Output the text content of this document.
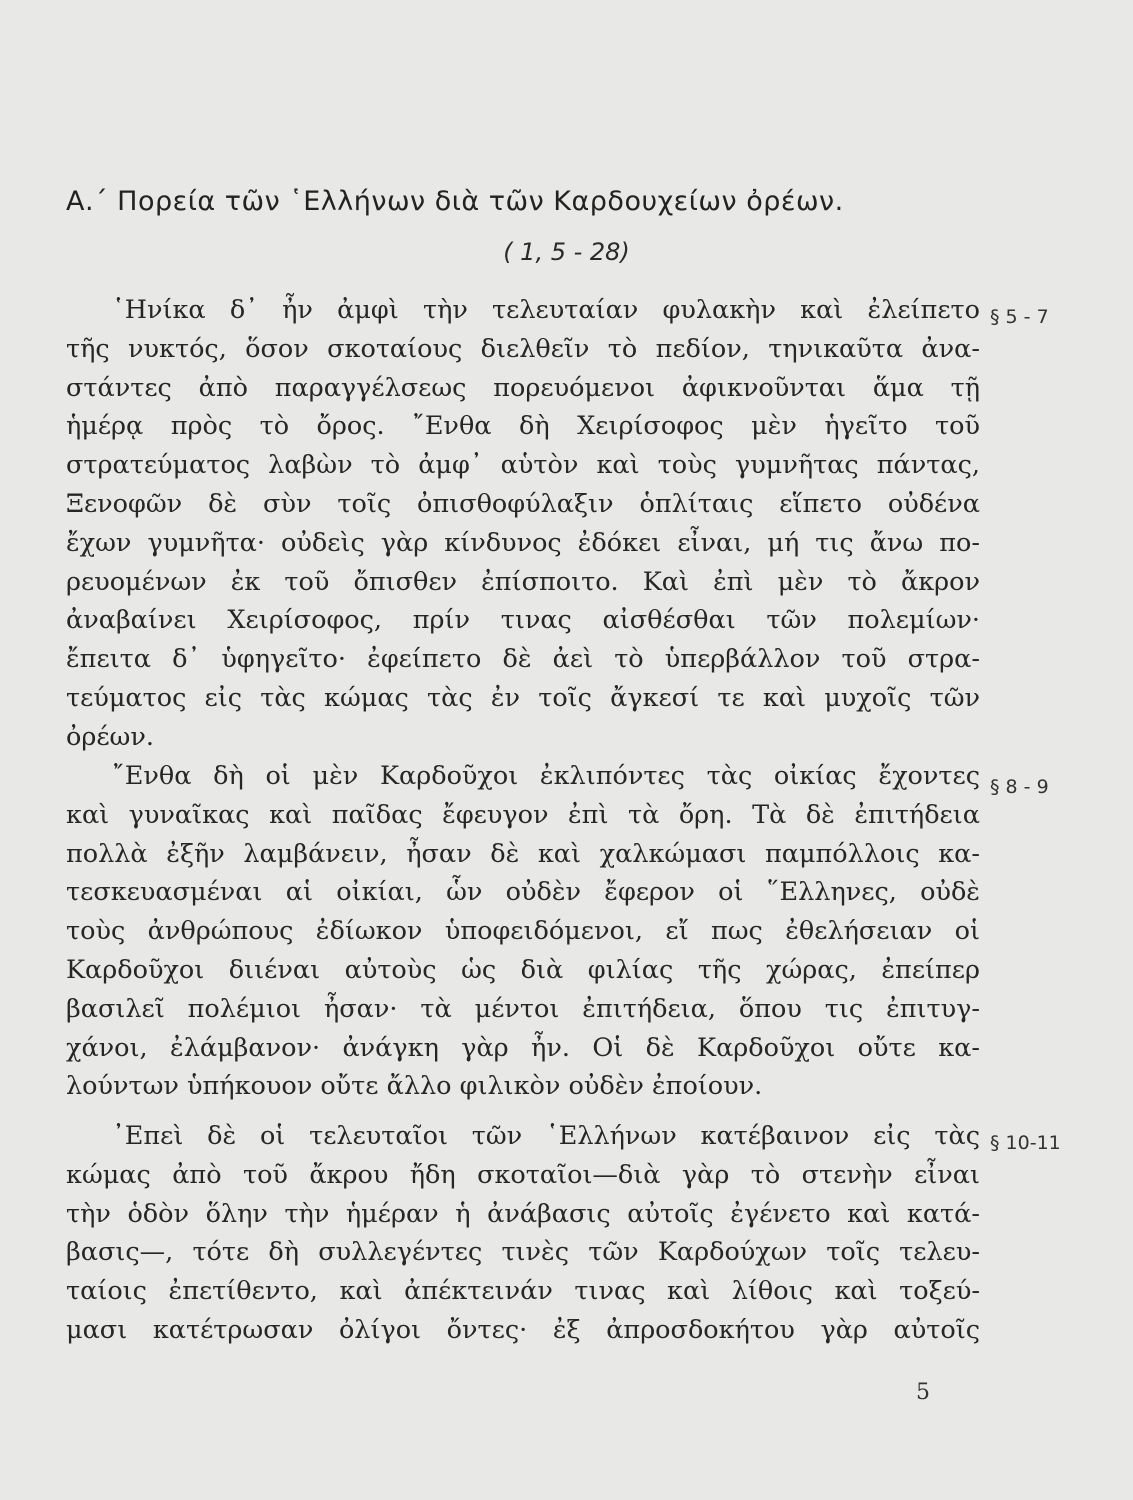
Α.΄ Πορεία τῶν ῾Ελλήνων διὰ τῶν Καρδουχείων ὀρέων.
( 1, 5 - 28)
§ 5 - 7
῾Ηνίκα δ᾽ ἦν ἀμφὶ τὴν τελευταίαν φυλακὴν καὶ ἐλείπετο
τῆς νυκτός, ὅσον σκοταίους διελθεῖν τὸ πεδίον, τηνικαῦτα ἀνα-
στάντες ἀπὸ παραγγέλσεως πορευόμενοι ἀφικνοῦνται ἅμα τῇ
ἡμέρᾳ πρὸς τὸ ὄρος. ῎Ενθα δὴ Χειρίσοφος μὲν ἡγεῖτο τοῦ
στρατεύματος λαβὼν τὸ ἀμφ᾽ αὑτὸν καὶ τοὺς γυμνῆτας πάντας,
Ξενοφῶν δὲ σὺν τοῖς ὀπισθοφύλαξιν ὁπλίταις εἵπετο οὐδένα
ἔχων γυμνῆτα· οὐδεὶς γὰρ κίνδυνος ἐδόκει εἶναι, μή τις ἄνω πο-
ρευομένων ἐκ τοῦ ὄπισθεν ἐπίσποιτο. Καὶ ἐπὶ μὲν τὸ ἄκρον
ἀναβαίνει Χειρίσοφος, πρίν τινας αἰσθέσθαι τῶν πολεμίων·
ἔπειτα δ᾽ ὑφηγεῖτο· ἐφείπετο δὲ ἀεὶ τὸ ὑπερβάλλον τοῦ στρα-
τεύματος εἰς τὰς κώμας τὰς ἐν τοῖς ἄγκεσί τε καὶ μυχοῖς τῶν
ὀρέων.
§ 8 - 9
῎Ενθα δὴ οἱ μὲν Καρδοῦχοι ἐκλιπόντες τὰς οἰκίας ἔχοντες
καὶ γυναῖκας καὶ παῖδας ἔφευγον ἐπὶ τὰ ὄρη. Τὰ δὲ ἐπιτήδεια
πολλὰ ἐξῆν λαμβάνειν, ἦσαν δὲ καὶ χαλκώμασι παμπόλλοις κα-
τεσκευασμέναι αἱ οἰκίαι, ὧν οὐδὲν ἔφερον οἱ ῞Ελληνες, οὐδὲ
τοὺς ἀνθρώπους ἐδίωκον ὑποφειδόμενοι, εἴ πως ἐθελήσειαν οἱ
Καρδοῦχοι διιέναι αὐτοὺς ὡς διὰ φιλίας τῆς χώρας, ἐπείπερ
βασιλεῖ πολέμιοι ἦσαν· τὰ μέντοι ἐπιτήδεια, ὅπου τις ἐπιτυγ-
χάνοι, ἐλάμβανον· ἀνάγκη γὰρ ἦν. Οἱ δὲ Καρδοῦχοι οὔτε κα-
λούντων ὑπήκουον οὔτε ἄλλο φιλικὸν οὐδὲν ἐποίουν.
§ 10-11
᾿Επεὶ δὲ οἱ τελευταῖοι τῶν ῾Ελλήνων κατέβαινον εἰς τὰς
κώμας ἀπὸ τοῦ ἄκρου ἤδη σκοταῖοι—διὰ γὰρ τὸ στενὴν εἶναι
τὴν ὁδὸν ὅλην τὴν ἡμέραν ἡ ἀνάβασις αὐτοῖς ἐγένετο καὶ κατά-
βασις—, τότε δὴ συλλεγέντες τινὲς τῶν Καρδούχων τοῖς τελευ-
ταίοις ἐπετίθεντο, καὶ ἀπέκτεινάν τινας καὶ λίθοις καὶ τοξεύ-
μασι κατέτρωσαν ὀλίγοι ὄντες· ἐξ ἀπροσδοκήτου γὰρ αὐτοῖς
5
